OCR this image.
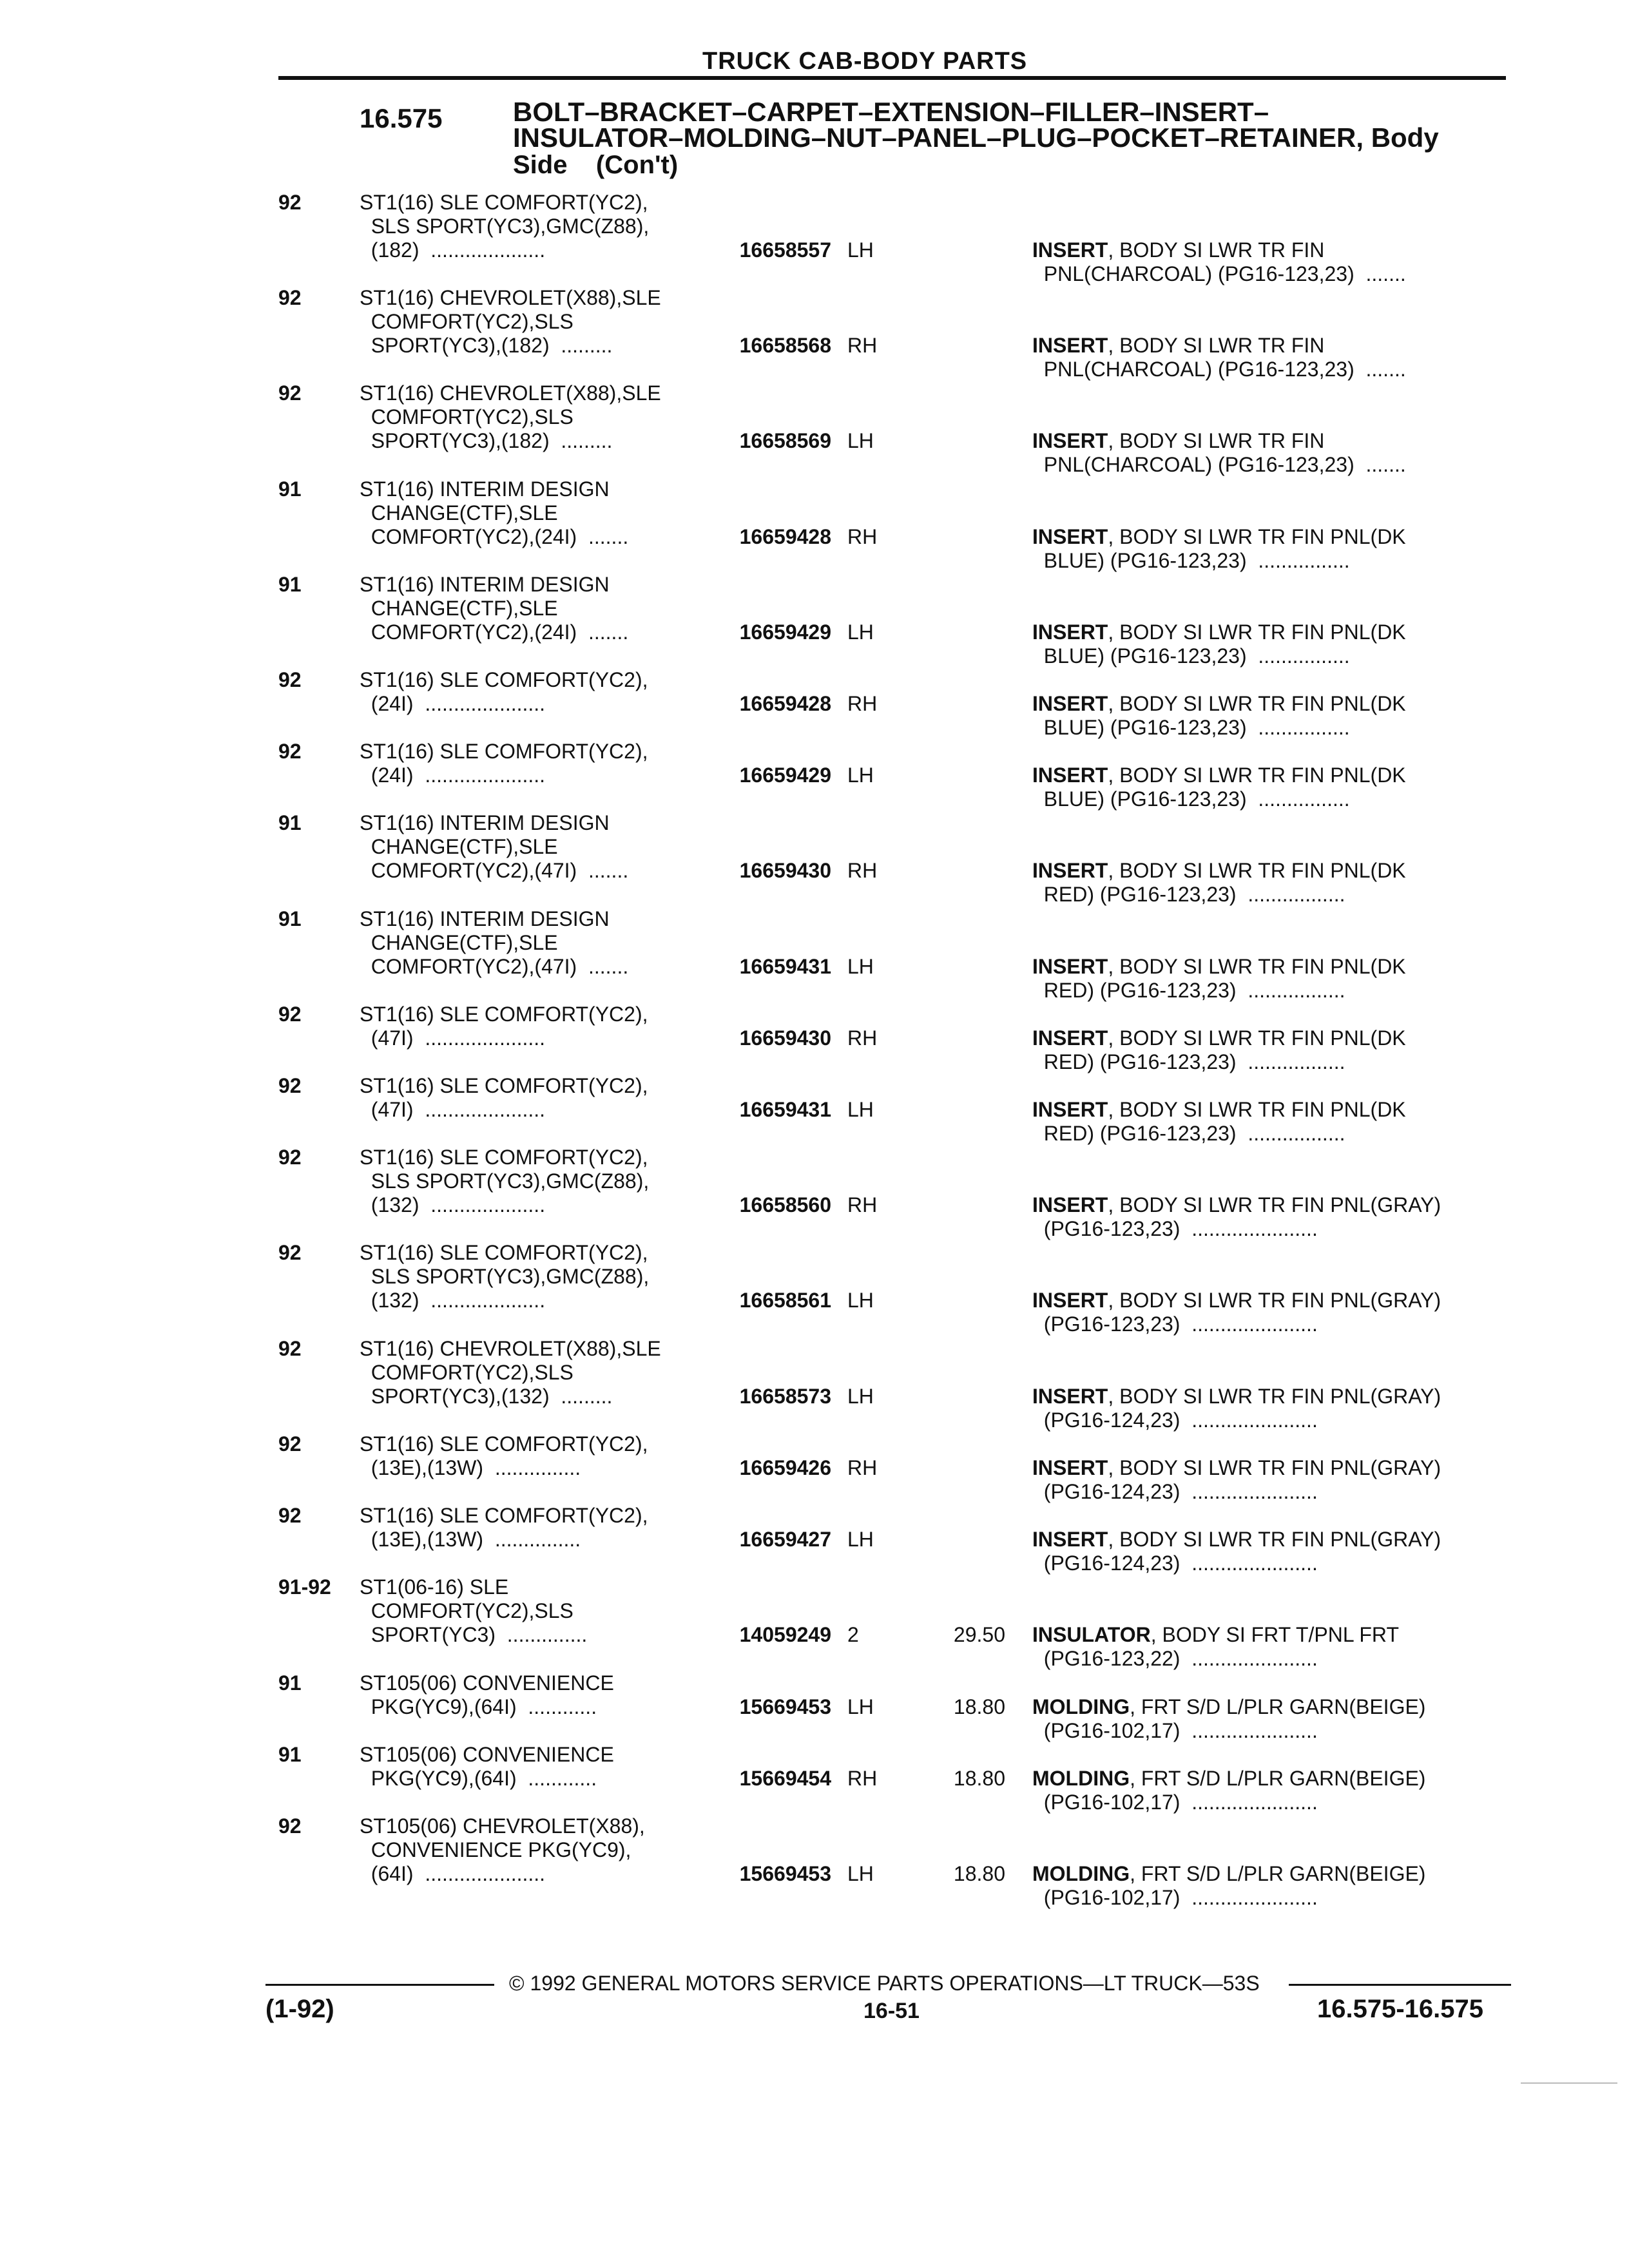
TRUCK CAB-BODY PARTS
16.575	BOLT–BRACKET–CARPET–EXTENSION–FILLER–INSERT–
INSULATOR–MOLDING–NUT–PANEL–PLUG–POCKET–RETAINER, Body
Side    (Con't)
92	ST1(16) SLE COMFORT(YC2),
SLS SPORT(YC3),GMC(Z88),
(182)  ....................	16658557 LH	INSERT, BODY SI LWR TR FIN
PNL(CHARCOAL) (PG16-123,23)  .......
92	ST1(16) CHEVROLET(X88),SLE
COMFORT(YC2),SLS
SPORT(YC3),(182)  .........	16658568 RH	INSERT, BODY SI LWR TR FIN
PNL(CHARCOAL) (PG16-123,23)  .......
92	ST1(16) CHEVROLET(X88),SLE
COMFORT(YC2),SLS
SPORT(YC3),(182)  .........	16658569 LH	INSERT, BODY SI LWR TR FIN
PNL(CHARCOAL) (PG16-123,23)  .......
91	ST1(16) INTERIM DESIGN
CHANGE(CTF),SLE
COMFORT(YC2),(24I)  .......	16659428 RH	INSERT, BODY SI LWR TR FIN PNL(DK
BLUE) (PG16-123,23)  ................
91	ST1(16) INTERIM DESIGN
CHANGE(CTF),SLE
COMFORT(YC2),(24I)  .......	16659429 LH	INSERT, BODY SI LWR TR FIN PNL(DK
BLUE) (PG16-123,23)  ................
92	ST1(16) SLE COMFORT(YC2),
(24I)  .....................	16659428 RH	INSERT, BODY SI LWR TR FIN PNL(DK
BLUE) (PG16-123,23)  ................
92	ST1(16) SLE COMFORT(YC2),
(24I)  .....................	16659429 LH	INSERT, BODY SI LWR TR FIN PNL(DK
BLUE) (PG16-123,23)  ................
91	ST1(16) INTERIM DESIGN
CHANGE(CTF),SLE
COMFORT(YC2),(47I)  .......	16659430 RH	INSERT, BODY SI LWR TR FIN PNL(DK
RED) (PG16-123,23)  .................
91	ST1(16) INTERIM DESIGN
CHANGE(CTF),SLE
COMFORT(YC2),(47I)  .......	16659431 LH	INSERT, BODY SI LWR TR FIN PNL(DK
RED) (PG16-123,23)  .................
92	ST1(16) SLE COMFORT(YC2),
(47I)  .....................	16659430 RH	INSERT, BODY SI LWR TR FIN PNL(DK
RED) (PG16-123,23)  .................
92	ST1(16) SLE COMFORT(YC2),
(47I)  .....................	16659431 LH	INSERT, BODY SI LWR TR FIN PNL(DK
RED) (PG16-123,23)  .................
92	ST1(16) SLE COMFORT(YC2),
SLS SPORT(YC3),GMC(Z88),
(132)  ....................	16658560 RH	INSERT, BODY SI LWR TR FIN PNL(GRAY)
(PG16-123,23)  ......................
92	ST1(16) SLE COMFORT(YC2),
SLS SPORT(YC3),GMC(Z88),
(132)  ....................	16658561 LH	INSERT, BODY SI LWR TR FIN PNL(GRAY)
(PG16-123,23)  ......................
92	ST1(16) CHEVROLET(X88),SLE
COMFORT(YC2),SLS
SPORT(YC3),(132)  .........	16658573 LH	INSERT, BODY SI LWR TR FIN PNL(GRAY)
(PG16-124,23)  ......................
92	ST1(16) SLE COMFORT(YC2),
(13E),(13W)  ...............	16659426 RH	INSERT, BODY SI LWR TR FIN PNL(GRAY)
(PG16-124,23)  ......................
92	ST1(16) SLE COMFORT(YC2),
(13E),(13W)  ...............	16659427 LH	INSERT, BODY SI LWR TR FIN PNL(GRAY)
(PG16-124,23)  ......................
91-92 ST1(06-16) SLE
COMFORT(YC2),SLS
SPORT(YC3)  ..............	14059249 2	29.50 INSULATOR, BODY SI FRT T/PNL FRT
(PG16-123,22)  ......................
91	ST105(06) CONVENIENCE
PKG(YC9),(64I)  ............	15669453 LH	18.80 MOLDING, FRT S/D L/PLR GARN(BEIGE)
(PG16-102,17)  ......................
91	ST105(06) CONVENIENCE
PKG(YC9),(64I)  ............	15669454 RH	18.80 MOLDING, FRT S/D L/PLR GARN(BEIGE)
(PG16-102,17)  ......................
92	ST105(06) CHEVROLET(X88),
CONVENIENCE PKG(YC9),
(64I)  .....................	15669453 LH	18.80 MOLDING, FRT S/D L/PLR GARN(BEIGE)
(PG16-102,17)  ......................
© 1992 GENERAL MOTORS SERVICE PARTS OPERATIONS—LT TRUCK—53S
(1-92)	16-51	16.575-16.575
